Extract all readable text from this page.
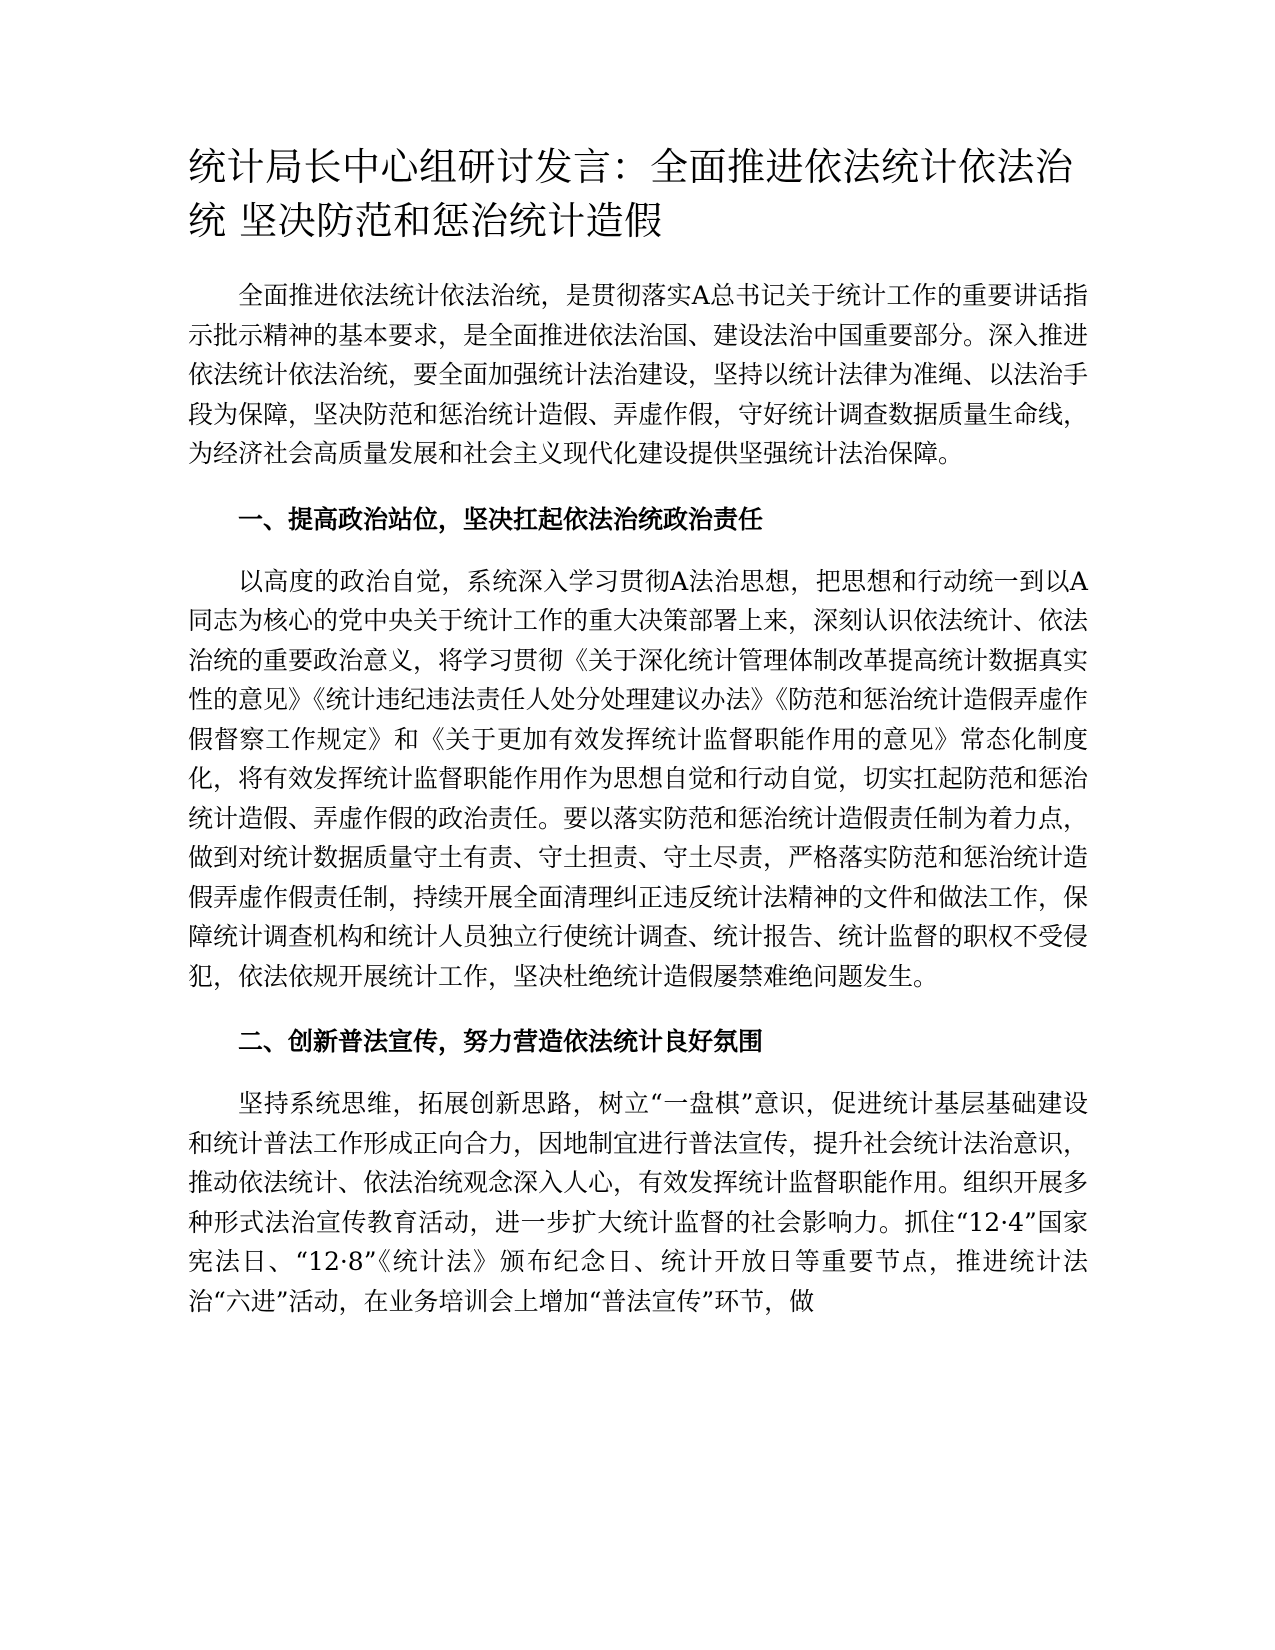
统计局长中心组研讨发言：全面推进依法统计依法治统 坚决防范和惩治统计造假

全面推进依法统计依法治统，是贯彻落实A总书记关于统计工作的重要讲话指示批示精神的基本要求，是全面推进依法治国、建设法治中国重要部分。深入推进依法统计依法治统，要全面加强统计法治建设，坚持以统计法律为准绳、以法治手段为保障，坚决防范和惩治统计造假、弄虚作假，守好统计调查数据质量生命线，为经济社会高质量发展和社会主义现代化建设提供坚强统计法治保障。

一、提高政治站位，坚决扛起依法治统政治责任

以高度的政治自觉，系统深入学习贯彻A法治思想，把思想和行动统一到以A同志为核心的党中央关于统计工作的重大决策部署上来，深刻认识依法统计、依法治统的重要政治意义，将学习贯彻《关于深化统计管理体制改革提高统计数据真实性的意见》《统计违纪违法责任人处分处理建议办法》《防范和惩治统计造假弄虚作假督察工作规定》和《关于更加有效发挥统计监督职能作用的意见》常态化制度化，将有效发挥统计监督职能作用作为思想自觉和行动自觉，切实扛起防范和惩治统计造假、弄虚作假的政治责任。要以落实防范和惩治统计造假责任制为着力点，做到对统计数据质量守土有责、守土担责、守土尽责，严格落实防范和惩治统计造假弄虚作假责任制，持续开展全面清理纠正违反统计法精神的文件和做法工作，保障统计调查机构和统计人员独立行使统计调查、统计报告、统计监督的职权不受侵犯，依法依规开展统计工作，坚决杜绝统计造假屡禁难绝问题发生。

二、创新普法宣传，努力营造依法统计良好氛围

坚持系统思维，拓展创新思路，树立“一盘棋”意识，促进统计基层基础建设和统计普法工作形成正向合力，因地制宜进行普法宣传，提升社会统计法治意识，推动依法统计、依法治统观念深入人心，有效发挥统计监督职能作用。组织开展多种形式法治宣传教育活动，进一步扩大统计监督的社会影响力。抓住“12·4”国家宪法日、“12·8”《统计法》颁布纪念日、统计开放日等重要节点，推进统计法治“六进”活动，在业务培训会上增加“普法宣传”环节，做
